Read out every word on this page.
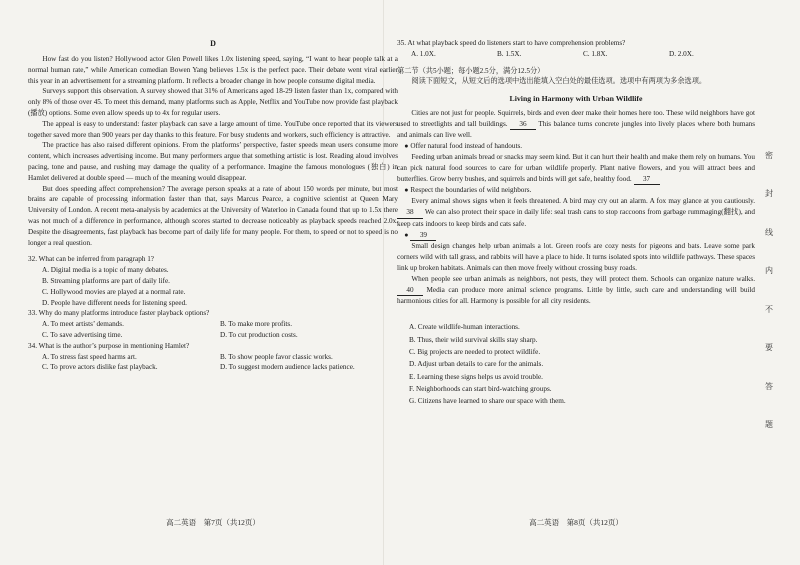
D

How fast do you listen? Hollywood actor Glen Powell likes 1.0x listening speed, saying, “I want to hear people talk at a normal human rate,” while American comedian Bowen Yang believes 1.5x is the perfect pace. Their debate went viral earlier this year in an advertisement for a streaming platform. It reflects a broader change in how people consume digital media.

Surveys support this observation. A survey showed that 31% of Americans aged 18-29 listen faster than 1x, compared with only 8% of those over 45. To meet this demand, many platforms such as Apple, Netflix and YouTube now provide fast playback (播放) options. Some even allow speeds up to 4x for regular users.

The appeal is easy to understand: faster playback can save a large amount of time. YouTube once reported that its viewers together saved more than 900 years per day thanks to this feature. For busy students and workers, such efficiency is attractive.

The practice has also raised different opinions. From the platforms’ perspective, faster speeds mean users consume more content, which increases advertising income. But many performers argue that something artistic is lost. Reading aloud involves pacing, tone and pause, and rushing may damage the quality of a performance. Imagine the famous monologues (独白) in Hamlet delivered at double speed — much of the meaning would disappear.

But does speeding affect comprehension? The average person speaks at a rate of about 150 words per minute, but most brains are capable of processing information faster than that, says Marcus Pearce, a cognitive scientist at Queen Mary University of London. A recent meta-analysis by academics at the University of Waterloo in Canada found that up to 1.5x there was not much of a difference in performance, although scores started to decrease noticeably as playback speeds reached 2.0x. Despite the disagreements, fast playback has become part of daily life for many people. For them, to speed or not to speed is no longer a real question.

32. What can be inferred from paragraph 1?
A. Digital media is a topic of many debates.
B. Streaming platforms are part of daily life.
C. Hollywood movies are played at a normal rate.
D. People have different needs for listening speed.
33. Why do many platforms introduce faster playback options?
A. To meet artists’ demands.	B. To make more profits.
C. To save advertising time.	D. To cut production costs.
34. What is the author’s purpose in mentioning Hamlet?
A. To stress fast speed harms art.	B. To show people favor classic works.
C. To prove actors dislike fast playback.	D. To suggest modern audience lacks patience.
高二英语　第7页（共12页）
35. At what playback speed do listeners start to have comprehension problems?
A. 1.0X.	B. 1.5X.	C. 1.8X.	D. 2.0X.
第二节（共5小题；每小题2.5分，满分12.5分）

阅读下面短文，从短文后的选项中选出能填入空白处的最佳选项。选项中有两项为多余选项。

Living in Harmony with Urban Wildlife

Cities are not just for people. Squirrels, birds and even deer make their homes here too. These wild neighbors have got used to streetlights and tall buildings. 36 This balance turns concrete jungles into lively places where both humans and animals can live well.

● Offer natural food instead of handouts.

Feeding urban animals bread or snacks may seem kind. But it can hurt their health and make them rely on humans. You can pick natural food sources to care for urban wildlife properly. Plant native flowers, and you will attract bees and butterflies. Grow berry bushes, and squirrels and birds will get safe, healthy food. 37

● Respect the boundaries of wild neighbors.

Every animal shows signs when it feels threatened. A bird may cry out an alarm. A fox may glance at you cautiously. 38 We can also protect their space in daily life: seal trash cans to stop raccoons from garbage rummaging(翻找), and keep cats indoors to keep birds and cats safe.

● 39

Small design changes help urban animals a lot. Green roofs are cozy nests for pigeons and bats. Leave some park corners wild with tall grass, and rabbits will have a place to hide. It turns isolated spots into wildlife pathways. These spaces link up broken habitats. Animals can then move freely without crossing busy roads.

When people see urban animals as neighbors, not pests, they will protect them. Schools can organize nature walks. 40 Media can produce more animal science programs. Little by little, such care and understanding will build harmonious cities for all. Harmony is possible for all city residents.

A. Create wildlife-human interactions.
B. Thus, their wild survival skills stay sharp.
C. Big projects are needed to protect wildlife.
D. Adjust urban details to care for the animals.
E. Learning these signs helps us avoid trouble.
F. Neighborhoods can start bird-watching groups.
G. Citizens have learned to share our space with them.
高二英语　第8页（共12页）
密
封
线
内
不
要
答
题
